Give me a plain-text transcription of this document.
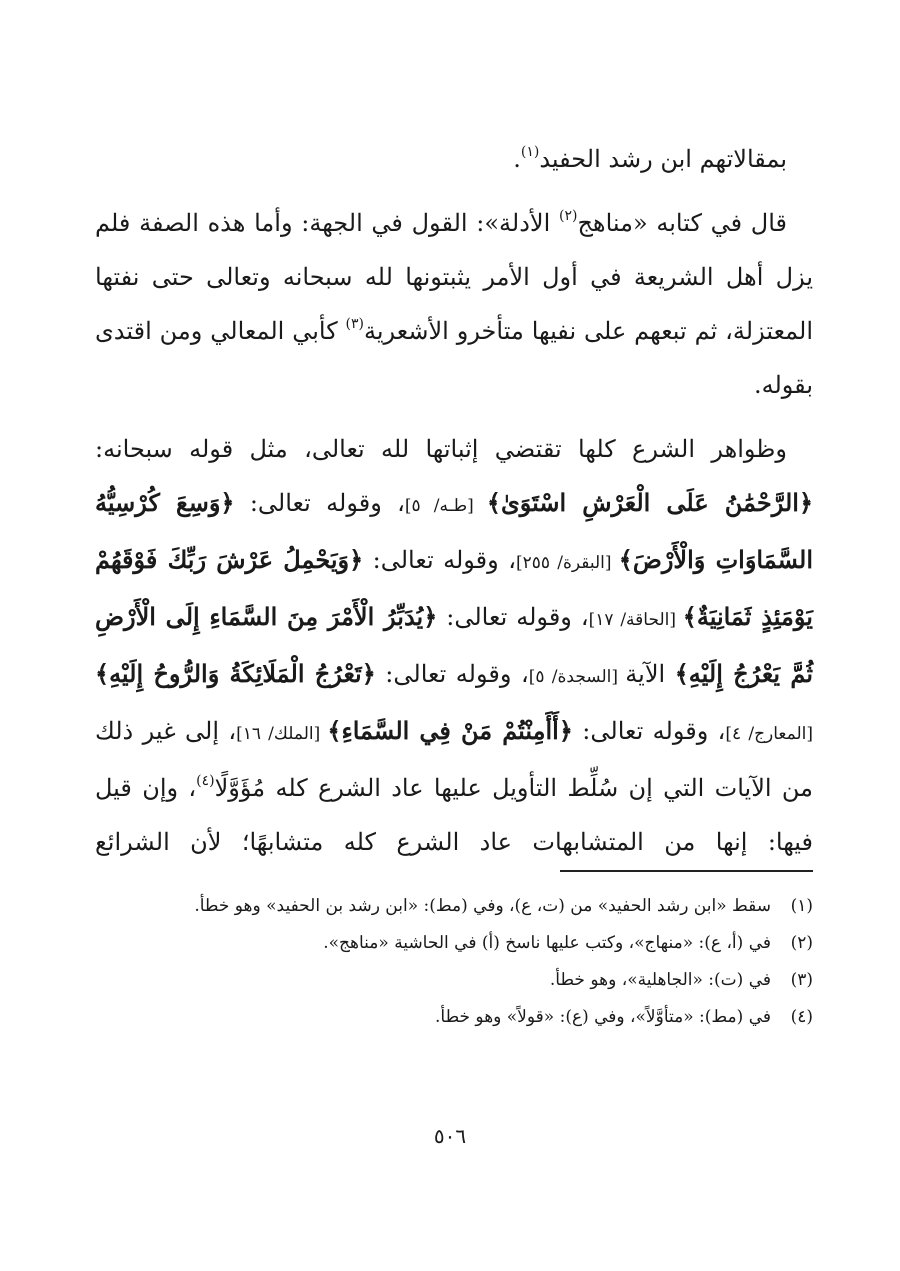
بمقالاتهم ابن رشد الحفيد$^{(١)}$.

قال في كتابه «مناهج$^{(٢)}$ الأدلة»: القول في الجهة: وأما هذه الصفة فلم يزل أهل الشريعة في أول الأمر يثبتونها لله سبحانه وتعالى حتى نفتها المعتزلة، ثم تبعهم على نفيها متأخرو الأشعرية$^{(٣)}$ كأبي المعالي ومن اقتدى بقوله.

وظواهر الشرع كلها تقتضي إثباتها لله تعالى، مثل قوله سبحانه: ﴿الرَّحْمَٰنُ عَلَى الْعَرْشِ اسْتَوَىٰ﴾ [طـه/ ٥]، وقوله تعالى: ﴿وَسِعَ كُرْسِيُّهُ السَّمَاوَاتِ وَالْأَرْضَ﴾ [البقرة/ ٢٥٥]، وقوله تعالى: ﴿وَيَحْمِلُ عَرْشَ رَبِّكَ فَوْقَهُمْ يَوْمَئِذٍ ثَمَانِيَةٌ﴾ [الحاقة/ ١٧]، وقوله تعالى: ﴿يُدَبِّرُ الْأَمْرَ مِنَ السَّمَاءِ إِلَى الْأَرْضِ ثُمَّ يَعْرُجُ إِلَيْهِ﴾ الآية [السجدة/ ٥]، وقوله تعالى: ﴿تَعْرُجُ الْمَلَائِكَةُ وَالرُّوحُ إِلَيْهِ﴾ [المعارج/ ٤]، وقوله تعالى: ﴿أَأَمِنْتُمْ مَنْ فِي السَّمَاءِ﴾ [الملك/ ١٦]، إلى غير ذلك من الآيات التي إن سُلِّط التأويل عليها عاد الشرع كله مُؤَوَّلًا$^{(٤)}$، وإن قيل فيها: إنها من المتشابهات عاد الشرع كله متشابهًا؛ لأن الشرائع

(١)
سقط «ابن رشد الحفيد» من (ت، ع)، وفي (مط): «ابن رشد بن الحفيد» وهو خطأ.
(٢)
في (أ، ع): «منهاج»، وكتب عليها ناسخ (أ) في الحاشية «مناهج».
(٣)
في (ت): «الجاهلية»، وهو خطأ.
(٤)
في (مط): «متأوَّلاً»، وفي (ع): «قولاً» وهو خطأ.
٥٠٦
